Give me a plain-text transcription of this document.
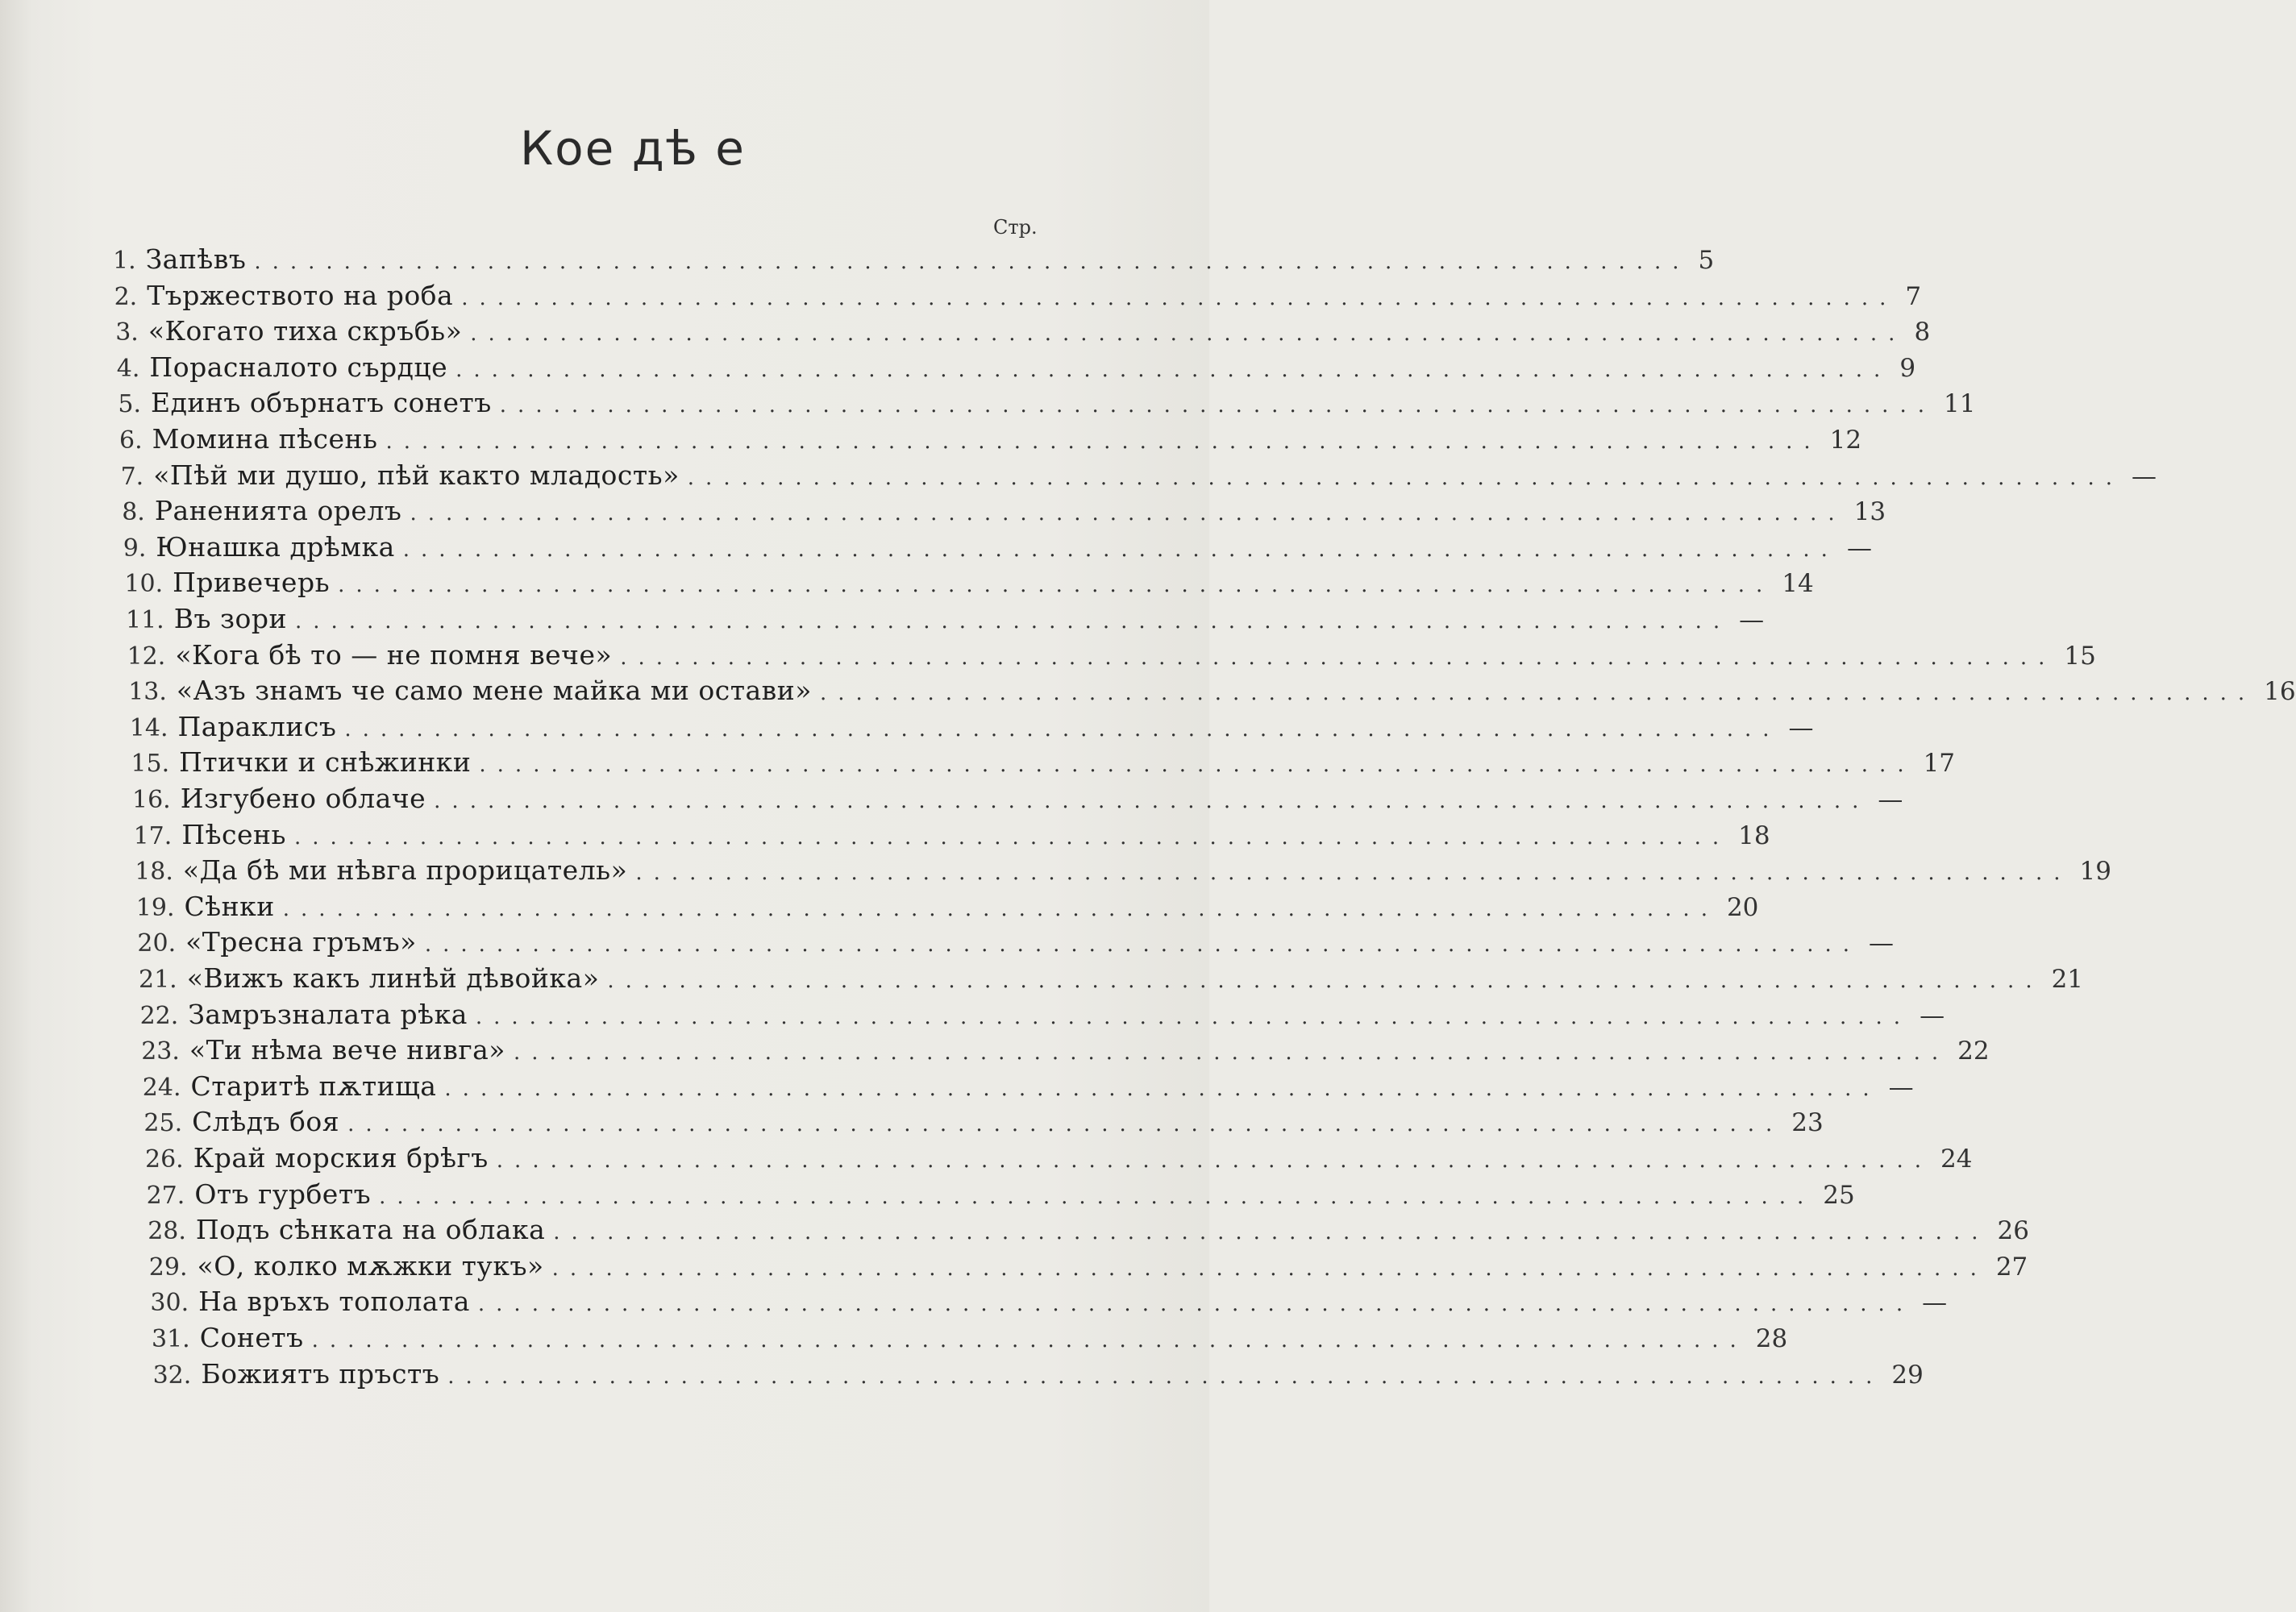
Кое дѣ е
Стр.
1. Запѣвъ ................................................................................ 5
2. Тържеството на роба ................................................................................ 7
3. «Когато тиха скръбь» ................................................................................ 8
4. Порасналото сърдце ................................................................................ 9
5. Единъ обърнатъ сонетъ ................................................................................ 11
6. Момина пѣсень ................................................................................ 12
7. «Пѣй ми душо, пѣй както младость» ................................................................................ —
8. Раненията орелъ ................................................................................ 13
9. Юнашка дрѣмка ................................................................................ —
10. Привечерь ................................................................................ 14
11. Въ зори ................................................................................ —
12. «Кога бѣ то — не помня вече» ................................................................................ 15
13. «Азъ знамъ че само мене майка ми остави» ................................................................................ 16
14. Параклисъ ................................................................................ —
15. Птички и снѣжинки ................................................................................ 17
16. Изгубено облаче ................................................................................ —
17. Пѣсень ................................................................................ 18
18. «Да бѣ ми нѣвга прорицатель» ................................................................................ 19
19. Сѣнки ................................................................................ 20
20. «Тресна гръмъ» ................................................................................ —
21. «Вижъ какъ линѣй дѣвойка» ................................................................................ 21
22. Замръзналата рѣка ................................................................................ —
23. «Ти нѣма вече нивга» ................................................................................ 22
24. Старитѣ пѫтища ................................................................................ —
25. Слѣдъ боя ................................................................................ 23
26. Край морския брѣгъ ................................................................................ 24
27. Отъ гурбетъ ................................................................................ 25
28. Подъ сѣнката на облака ................................................................................ 26
29. «О, колко мѫжки тукъ» ................................................................................ 27
30. На връхъ тополата ................................................................................ —
31. Сонетъ ................................................................................ 28
32. Божиятъ пръстъ ................................................................................ 29
